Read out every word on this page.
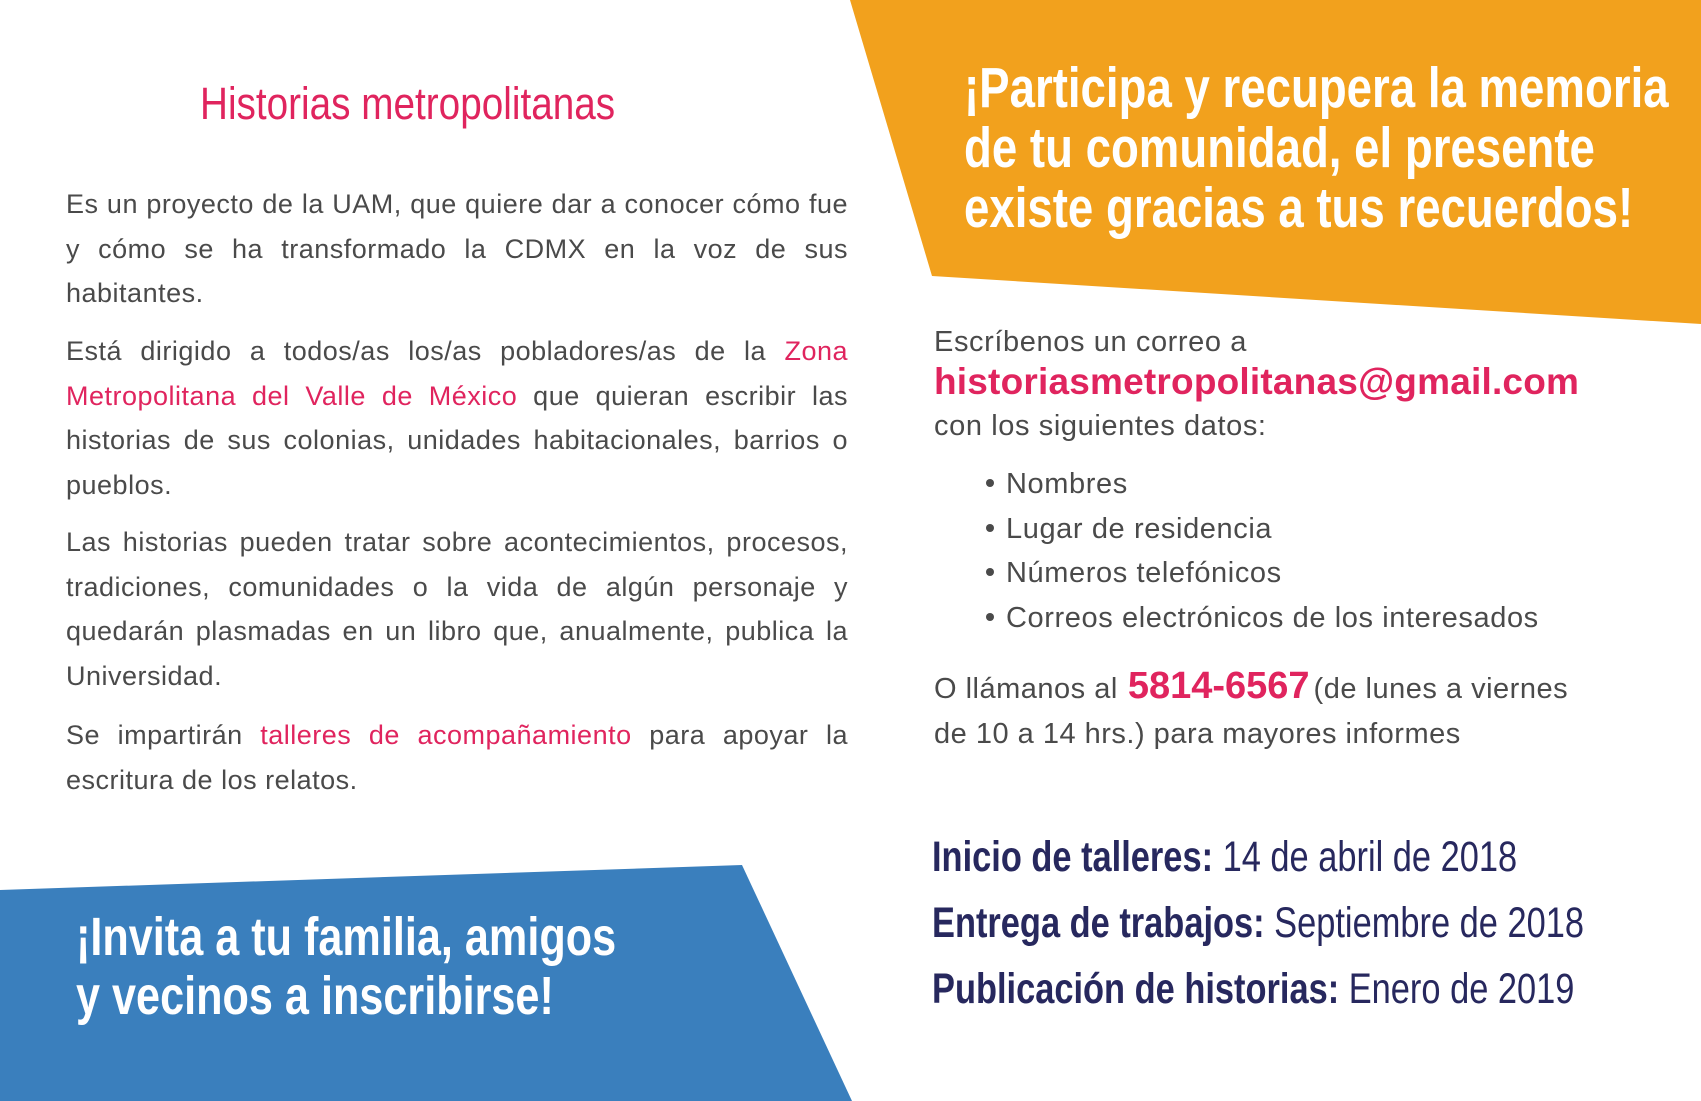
Historias metropolitanas
Es un proyecto de la UAM, que quiere dar a conocer cómo fue y cómo se ha transformado la CDMX en la voz de sus habitantes.
Está dirigido a todos/as los/as pobladores/as de la Zona Metropolitana del Valle de México que quieran escribir las historias de sus colonias, unidades habitacionales, barrios o pueblos.
Las historias pueden tratar sobre acontecimientos, procesos, tradiciones, comunidades o la vida de algún personaje y quedarán plasmadas en un libro que, anualmente, publica la Universidad.
Se impartirán talleres de acompañamiento para apoyar la escritura de los relatos.
¡Participa y recupera la memoria
de tu comunidad, el presente
existe gracias a tus recuerdos!
¡Invita a tu familia, amigos
y vecinos a inscribirse!
Escríbenos un correo a
historiasmetropolitanas@gmail.com
con los siguientes datos:
Nombres
Lugar de residencia
Números telefónicos
Correos electrónicos de los interesados
O llámanos al 5814-6567 (de lunes a viernes
de 10 a 14 hrs.) para mayores informes
Inicio de talleres: 14 de abril de 2018
Entrega de trabajos: Septiembre de 2018
Publicación de historias: Enero de 2019
